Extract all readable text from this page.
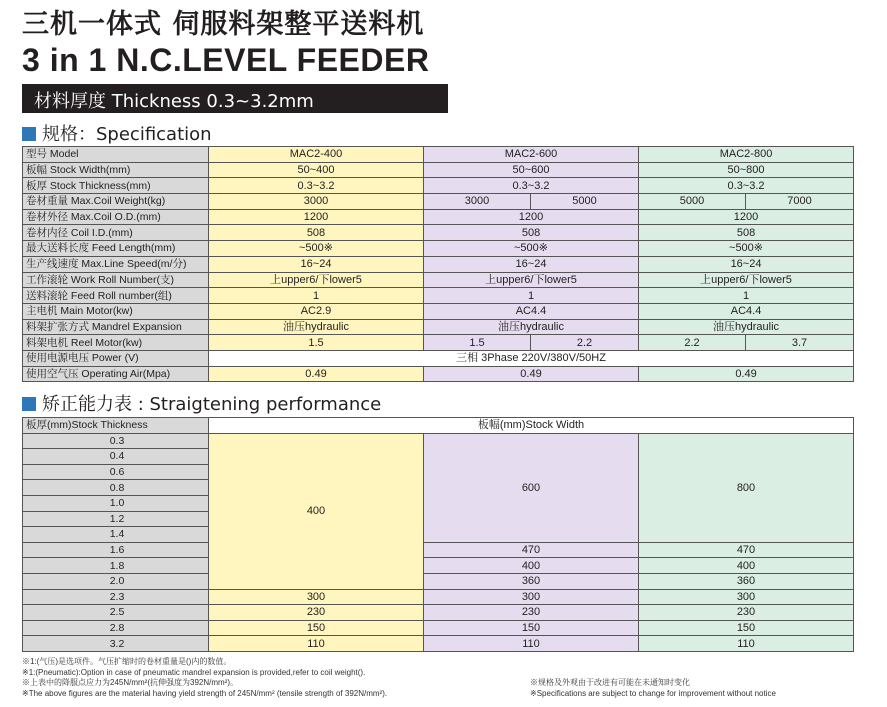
三机一体式 伺服料架整平送料机
3 in 1 N.C.LEVEL FEEDER
材料厚度 Thickness 0.3~3.2mm
规格：Specification
型号 Model	MAC2-400	MAC2-600		MAC2-800	
板幅 Stock Width(mm)	50~400	50~600		50~800	
板厚 Stock Thickness(mm)	0.3~3.2	0.3~3.2		0.3~3.2	
卷材重量 Max.Coil Weight(kg)	3000	3000	5000	5000	7000
卷材外径 Max.Coil O.D.(mm)	1200	1200		1200	
卷材内径 Coil I.D.(mm)	508	508		508	
最大送料长度 Feed Length(mm)	~500※	~500※		~500※	
生产线速度 Max.Line Speed(m/分)	16~24	16~24		16~24	
工作滚轮 Work Roll Number(支)	上upper6/下lower5	上upper6/下lower5		上upper6/下lower5	
送料滚轮 Feed Roll number(组)	1	1		1	
主电机 Main Motor(kw)	AC2.9	AC4.4		AC4.4	
料架扩张方式 Mandrel Expansion	油压hydraulic	油压hydraulic		油压hydraulic	
料架电机 Reel Motor(kw)	1.5	1.5	2.2	2.2	3.7
使用电源电压 Power (V)	三相 3Phase 220V/380V/50HZ				
使用空气压 Operating Air(Mpa)	0.49	0.49		0.49	
矫正能力表 : Straigtening performance
板厚(mm)Stock Thickness	板幅(mm)Stock Width		
0.3	400	600	800
0.4			
0.6			
0.8			
1.0			
1.2			
1.4			
1.6		470	470
1.8		400	400
2.0		360	360
2.3	300	300	300
2.5	230	230	230
2.8	150	150	150
3.2	110	110	110
※1:(气压)是选项件。气压扩缩时的卷材重量是()内的数值。
※1:(Pneumatic):Option in case of pneumatic mandrel expansion is provided,refer to coil weight().
※上表中的降服点应力为245N/mm²(抗伸强度为392N/mm²)。
※The above figures are the material having yield strength of 245N/mm² (tensile strength of 392N/mm²).
※规格及外观由于改进有可能在未通知时变化
※Specifications are subject to change for improvement without notice
